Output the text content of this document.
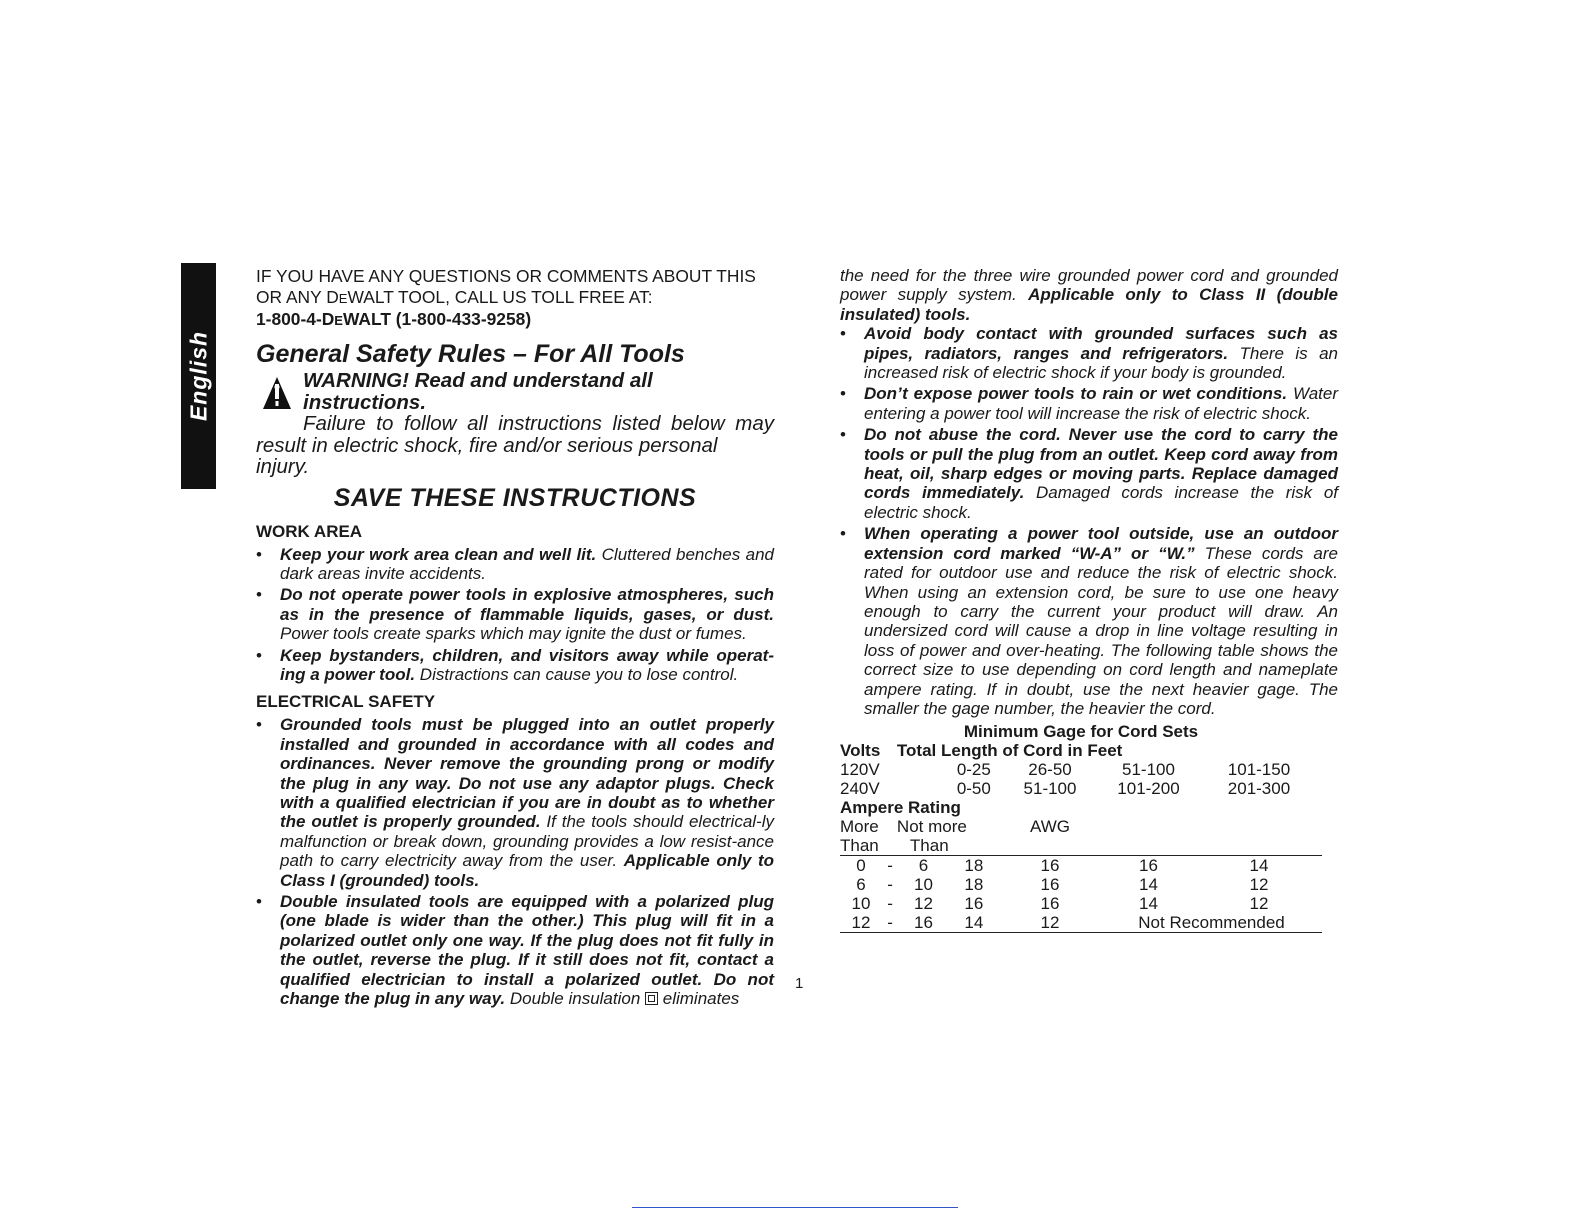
English

IF YOU HAVE ANY QUESTIONS OR COMMENTS ABOUT THIS

OR ANY DEWALT TOOL, CALL US TOLL FREE AT:

1-800-4-DEWALT (1-800-433-9258)

General Safety Rules – For All Tools

WARNING! Read and understand all instructions.

Failure to follow all instructions listed below may

result in electric shock, fire and/or serious personal injury.

SAVE THESE INSTRUCTIONS
WORK AREA
• Keep your work area clean and well lit. Cluttered benches and dark areas invite accidents.
• Do not operate power tools in explosive atmospheres, such as in the presence of flammable liquids, gases, or dust. Power tools create sparks which may ignite the dust or fumes.
• Keep bystanders, children, and visitors away while operat-ing a power tool. Distractions can cause you to lose control.
ELECTRICAL SAFETY
• Grounded tools must be plugged into an outlet properly installed and grounded in accordance with all codes and ordinances. Never remove the grounding prong or modify the plug in any way. Do not use any adaptor plugs. Check with a qualified electrician if you are in doubt as to whether the outlet is properly grounded. If the tools should electrical-ly malfunction or break down, grounding provides a low resist-ance path to carry electricity away from the user. Applicable only to Class I (grounded) tools.
• Double insulated tools are equipped with a polarized plug (one blade is wider than the other.) This plug will fit in a polarized outlet only one way. If the plug does not fit fully in the outlet, reverse the plug. If it still does not fit, contact a qualified electrician to install a polarized outlet. Do not change the plug in any way. Double insulation  eliminates

the need for the three wire grounded power cord and grounded power supply system. Applicable only to Class II (double insulated) tools.

• Avoid body contact with grounded surfaces such as pipes, radiators, ranges and refrigerators. There is an increased risk of electric shock if your body is grounded.
• Don’t expose power tools to rain or wet conditions. Water entering a power tool will increase the risk of electric shock.
• Do not abuse the cord. Never use the cord to carry the tools or pull the plug from an outlet. Keep cord away from heat, oil, sharp edges or moving parts. Replace damaged cords immediately. Damaged cords increase the risk of electric shock.
• When operating a power tool outside, use an outdoor extension cord marked “W-A” or “W.” These cords are rated for outdoor use and reduce the risk of electric shock. When using an extension cord, be sure to use one heavy enough to carry the current your product will draw. An undersized cord will cause a drop in line voltage resulting in loss of power and over-heating. The following table shows the correct size to use depending on cord length and nameplate ampere rating. If in doubt, use the next heavier gage. The smaller the gage number, the heavier the cord.
Minimum Gage for Cord Sets						
Volts	Total Length of Cord in Feet					
120V			0-25	26-50	51-100	101-150
240V			0-50	51-100	101-200	201-300
Ampere Rating						
More	Not more			AWG		
Than	Than					
0	-	6	18	16	16	14
6	-	10	18	16	14	12
10	-	12	16	16	14	12
12	-	16	14	12	Not Recommended	
1
